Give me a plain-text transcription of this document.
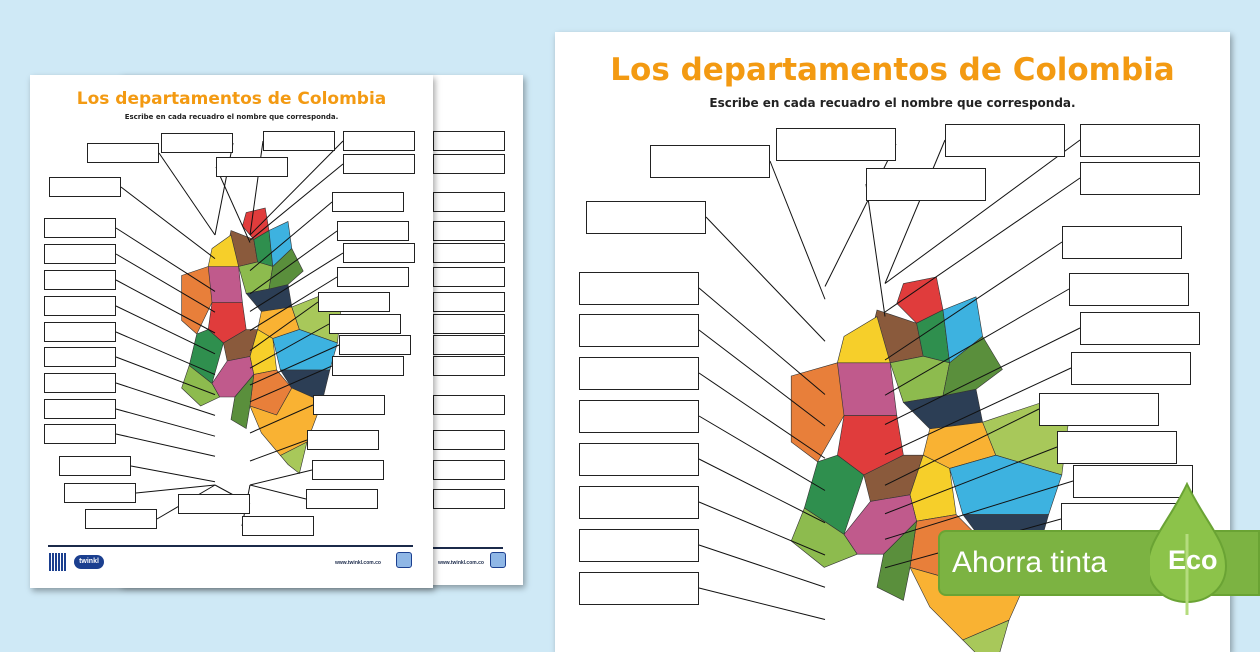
www.twinkl.com.co
Los departamentos de Colombia
Escribe en cada recuadro el nombre que corresponda.
twinkl	www.twinkl.com.co
Los departamentos de Colombia
Escribe en cada recuadro el nombre que corresponda.
Ahorra tinta Eco
